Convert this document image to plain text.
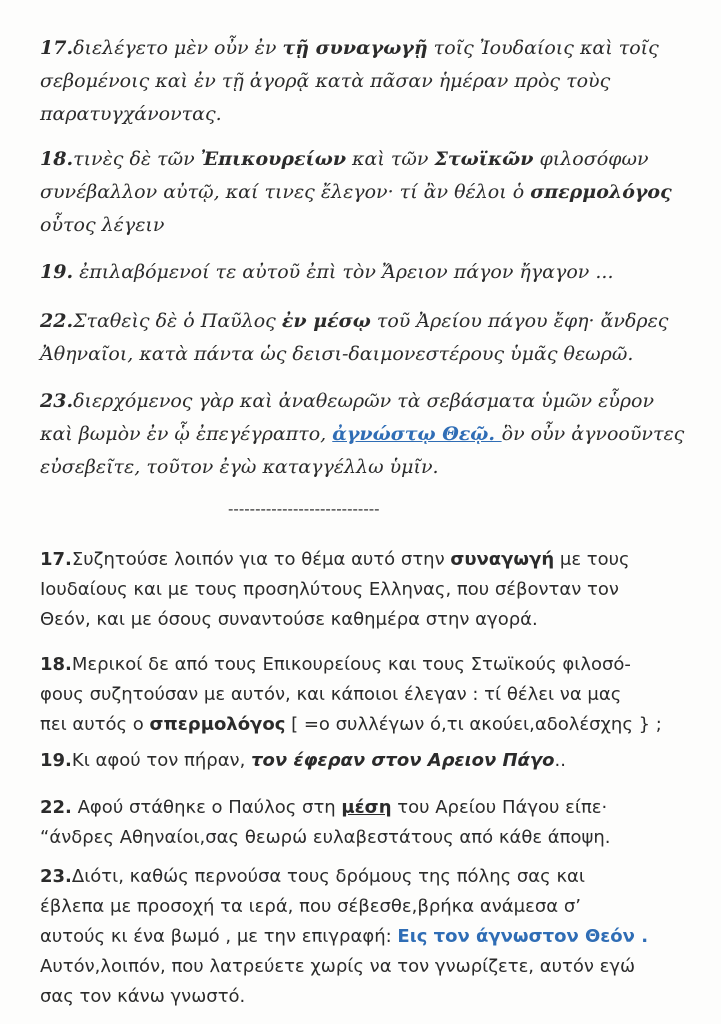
17.διελέγετο μὲν οὖν ἐν τῇ συναγωγῇ τοῖς Ἰουδαίοις καὶ τοῖς
σεβομένοις καὶ ἐν τῇ ἀγορᾷ κατὰ πᾶσαν ἡμέραν πρὸς τοὺς
παρατυγχάνοντας.

18.τινὲς δὲ τῶν Ἐπικουρείων καὶ τῶν Στωϊκῶν φιλοσόφων
συνέβαλλον αὐτῷ, καί τινες ἔλεγον· τί ἂν θέλοι ὁ σπερμολόγος
οὗτος λέγειν

19. ἐπιλαβόμενοί τε αὐτοῦ ἐπὶ τὸν Ἄρειον πάγον ἤγαγον ...

22.Σταθεὶς δὲ ὁ Παῦλος ἐν μέσῳ τοῦ Ἀρείου πάγου ἔφη· ἄνδρες
Ἀθηναῖοι, κατὰ πάντα ὡς δεισι-δαιμονεστέρους ὑμᾶς θεωρῶ.

23.διερχόμενος γὰρ καὶ ἀναθεωρῶν τὰ σεβάσματα ὑμῶν εὗρον
καὶ βωμὸν ἐν ᾧ ἐπεγέγραπτο, ἀγνώστῳ Θεῷ. ὃν οὖν ἀγνοοῦντες
εὐσεβεῖτε, τοῦτον ἐγὼ καταγγέλλω ὑμῖν.

----------------------------

17.Συζητούσε λοιπόν για το θέμα αυτό στην συναγωγή με τους
Ιουδαίους και με τους προσηλύτους Ελληνας, που σέβονταν τον
Θεόν, και με όσους συναντούσε καθημέρα στην αγορά.

18.Μερικοί δε από τους Επικουρείους και τους Στωϊκούς φιλοσό-
φους συζητούσαν με αυτόν, και κάποιοι έλεγαν : τί θέλει να μας
πει αυτός ο σπερμολόγος [ =ο συλλέγων ό,τι ακούει,αδολέσχης } ;

19.Κι αφού τον πήραν, τον έφεραν στον Αρειον Πάγο..

22. Αφού στάθηκε ο Παύλος στη μέση του Αρείου Πάγου είπε·
“άνδρες Αθηναίοι,σας θεωρώ ευλαβεστάτους από κάθε άποψη.

23.Διότι, καθώς περνούσα τους δρόμους της πόλης σας και
έβλεπα με προσοχή τα ιερά, που σέβεσθε,βρήκα ανάμεσα σ’
αυτούς κι ένα βωμό , με την επιγραφή: Εις τον άγνωστον Θεόν .
Αυτόν,λοιπόν, που λατρεύετε χωρίς να τον γνωρίζετε, αυτόν εγώ
σας τον κάνω γνωστό.
